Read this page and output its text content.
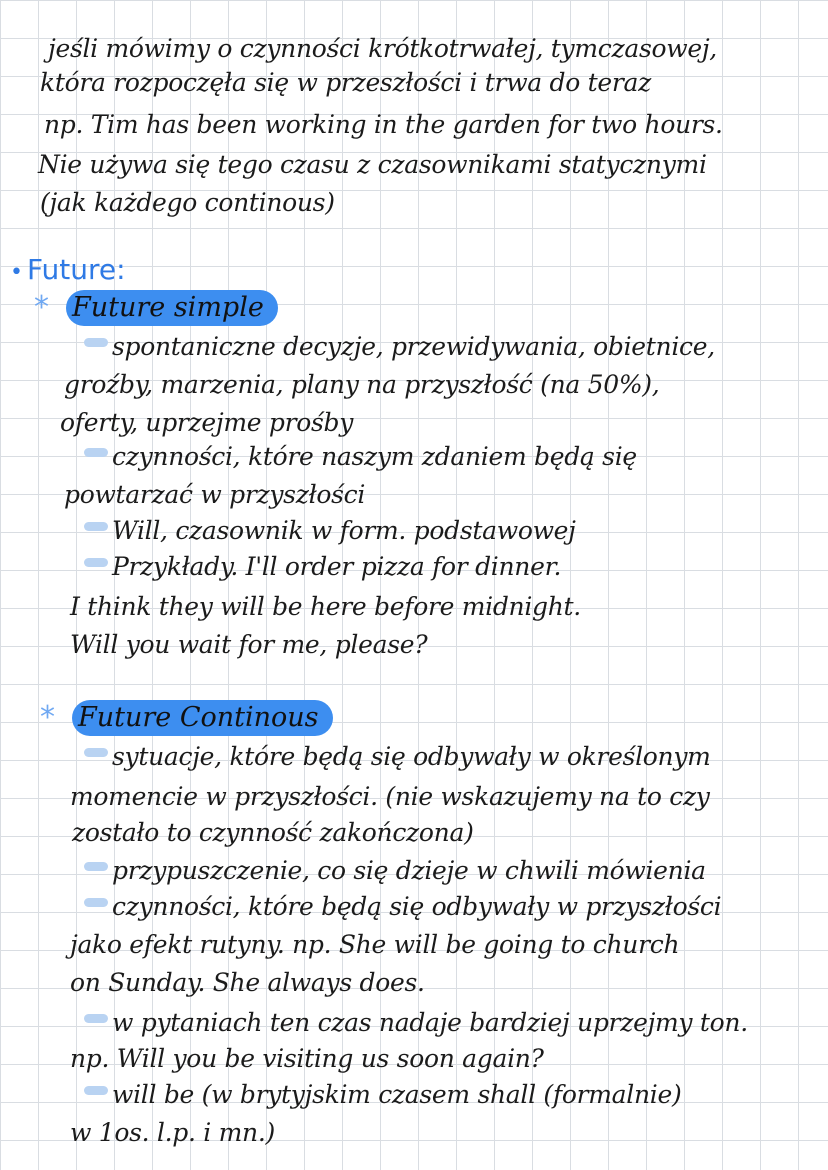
jeśli mówimy o czynności krótkotrwałej, tymczasowej,
która rozpoczęła się w przeszłości i trwa do teraz
np. Tim has been working in the garden for two hours.
Nie używa się tego czasu z czasownikami statycznymi
(jak każdego continous)
• Future:
* Future simple
spontaniczne decyzje, przewidywania, obietnice,
groźby, marzenia, plany na przyszłość (na 50%),
oferty, uprzejme prośby
czynności, które naszym zdaniem będą się
powtarzać w przyszłości
Will, czasownik w form. podstawowej
Przykłady. I'll order pizza for dinner.
I think they will be here before midnight.
Will you wait for me, please?
* Future Continous
sytuacje, które będą się odbywały w określonym
momencie w przyszłości. (nie wskazujemy na to czy
zostało to czynność zakończona)
przypuszczenie, co się dzieje w chwili mówienia
czynności, które będą się odbywały w przyszłości
jako efekt rutyny. np. She will be going to church
on Sunday. She always does.
w pytaniach ten czas nadaje bardziej uprzejmy ton.
np. Will you be visiting us soon again?
will be (w brytyjskim czasem shall (formalnie)
w 1os. l.p. i mn.)
